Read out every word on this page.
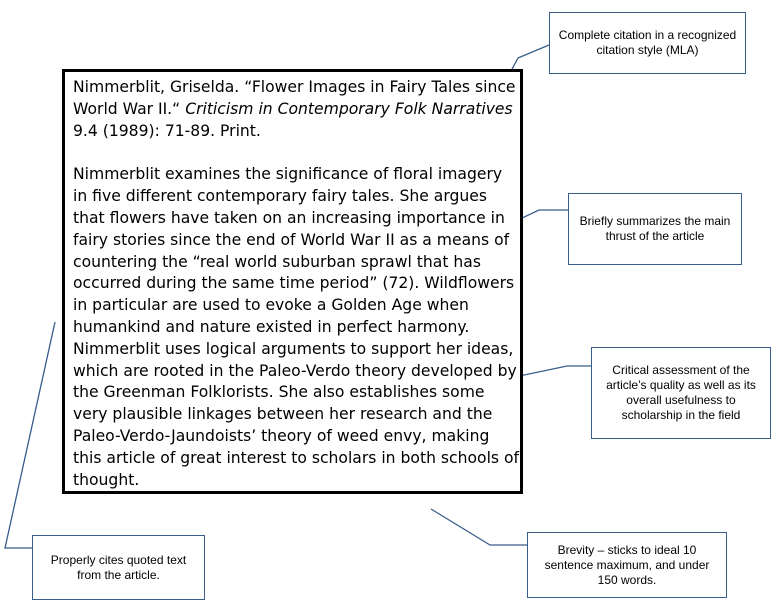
Nimmerblit, Griselda. “Flower Images in Fairy Tales since World War II.“ Criticism in Contemporary Folk Narratives 9.4 (1989): 71-89. Print.

Nimmerblit examines the significance of floral imagery in five different contemporary fairy tales. She argues that flowers have taken on an increasing importance in fairy stories since the end of World War II as a means of countering the “real world suburban sprawl that has occurred during the same time period” (72). Wildflowers in particular are used to evoke a Golden Age when humankind and nature existed in perfect harmony. Nimmerblit uses logical arguments to support her ideas, which are rooted in the Paleo-Verdo theory developed by the Greenman Folklorists. She also establishes some very plausible linkages between her research and the Paleo-Verdo-Jaundoists’ theory of weed envy, making this article of great interest to scholars in both schools of thought.

Complete citation in a recognized citation style (MLA)
Briefly summarizes the main thrust of the article
Critical assessment of the article’s quality as well as its overall usefulness to scholarship in the field
Properly cites quoted text from the article.
Brevity – sticks to ideal 10 sentence maximum, and under 150 words.
